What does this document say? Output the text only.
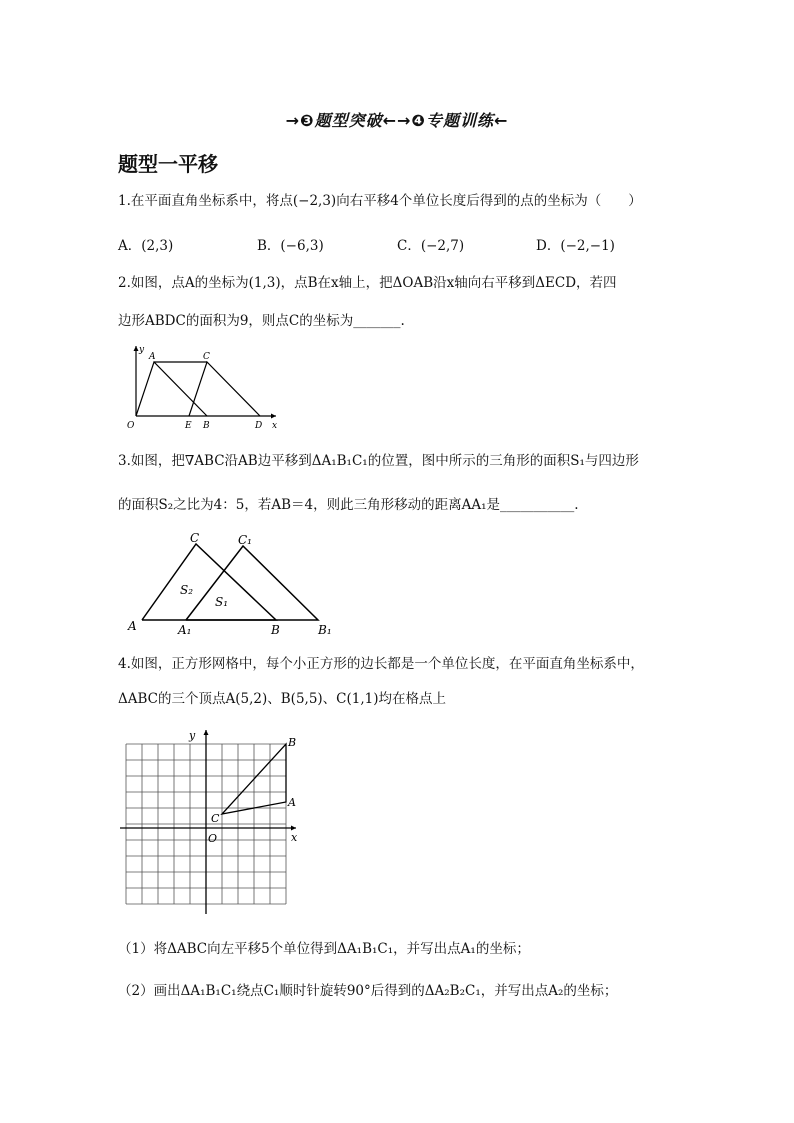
→❸题型突破←→❹专题训练←
题型一平移
1.在平面直角坐标系中，将点(−2,3)向右平移4个单位长度后得到的点的坐标为（　　）
A．(2,3)	B．(−6,3)	C．(−2,7)	D．(−2,−1)
2.如图，点A的坐标为(1,3)，点B在x轴上，把ΔOAB沿x轴向右平移到ΔECD，若四
边形ABDC的面积为9，则点C的坐标为_______.
y
x
O
A	C
E B	D
3.如图，把∇ABC沿AB边平移到ΔA₁B₁C₁的位置，图中所示的三角形的面积S₁与四边形
的面积S₂之比为4：5，若AB＝4，则此三角形移动的距离AA₁是___________.
C	C₁
S₂
S₁
A	A₁	B	B₁
4.如图，正方形网格中，每个小正方形的边长都是一个单位长度，在平面直角坐标系中，
ΔABC的三个顶点A(5,2)、B(5,5)、C(1,1)均在格点上
y
x
O
A
B
C
（1）将ΔABC向左平移5个单位得到ΔA₁B₁C₁，并写出点A₁的坐标；
（2）画出ΔA₁B₁C₁绕点C₁顺时针旋转90°后得到的ΔA₂B₂C₁，并写出点A₂的坐标；
